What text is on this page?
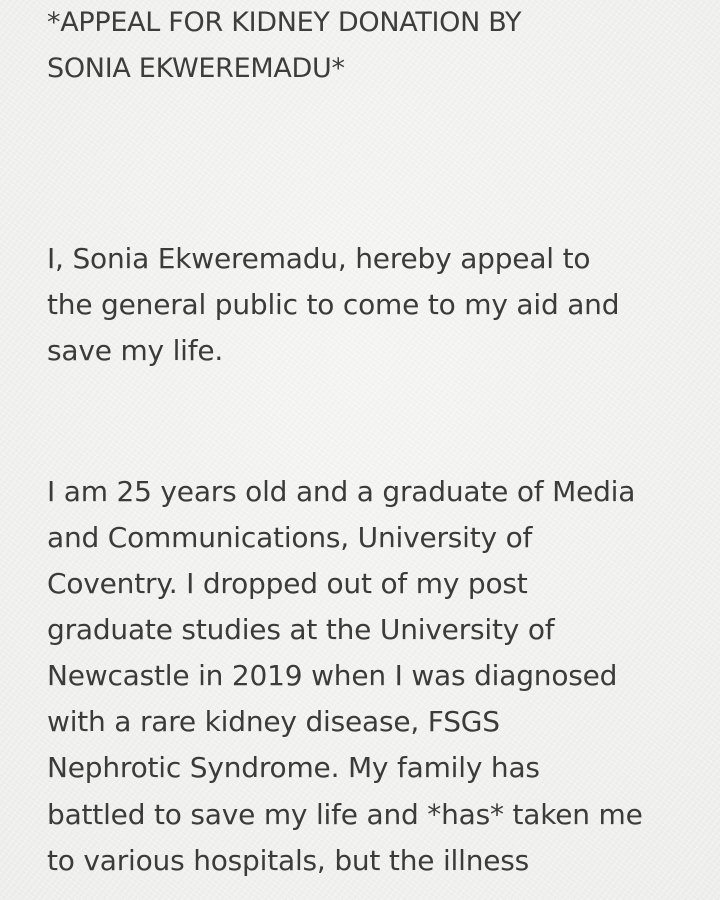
*APPEAL FOR KIDNEY DONATION BY
SONIA EKWEREMADU*
I, Sonia Ekweremadu, hereby appeal to
the general public to come to my aid and
save my life.
I am 25 years old and a graduate of Media
and Communications, University of
Coventry. I dropped out of my post
graduate studies at the University of
Newcastle in 2019 when I was diagnosed
with a rare kidney disease, FSGS
Nephrotic Syndrome. My family has
battled to save my life and *has* taken me
to various hospitals, but the illness
